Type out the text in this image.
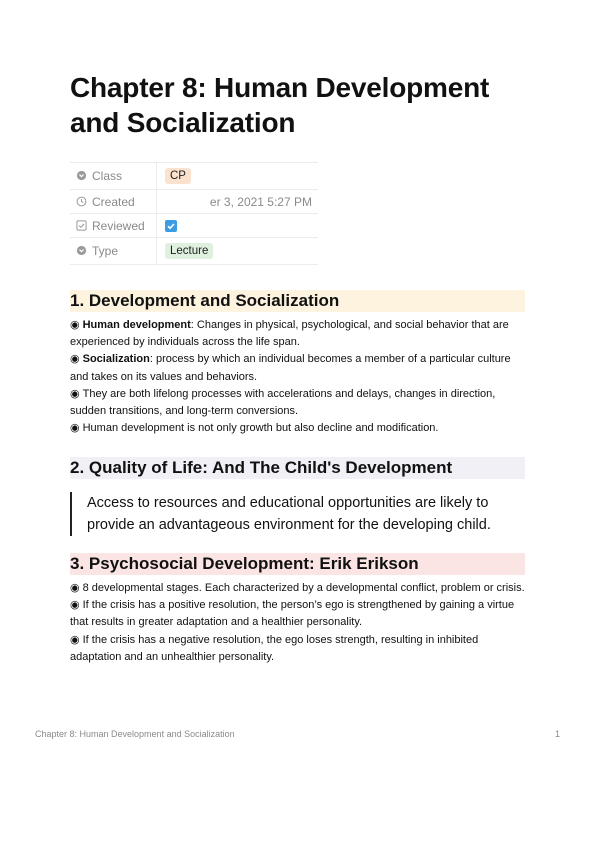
Chapter 8: Human Development and Socialization
Class	CP
Created	er 3, 2021 5:27 PM

Reviewed	

Type	Lecture
1. Development and Socialization

◉ Human development: Changes in physical, psychological, and social behavior that are experienced by individuals across the life span.

◉ Socialization: process by which an individual becomes a member of a particular culture and takes on its values and behaviors.

◉ They are both lifelong processes with accelerations and delays, changes in direction, sudden transitions, and long-term conversions.

◉ Human development is not only growth but also decline and modification.

2. Quality of Life: And The Child's Development
Access to resources and educational opportunities are likely to provide an advantageous environment for the developing child.
3. Psychosocial Development: Erik Erikson

◉ 8 developmental stages. Each characterized by a developmental conflict, problem or crisis.

◉ If the crisis has a positive resolution, the person’s ego is strengthened by gaining a virtue that results in greater adaptation and a healthier personality.

◉ If the crisis has a negative resolution, the ego loses strength, resulting in inhibited adaptation and an unhealthier personality.

Chapter 8: Human Development and Socialization	1
